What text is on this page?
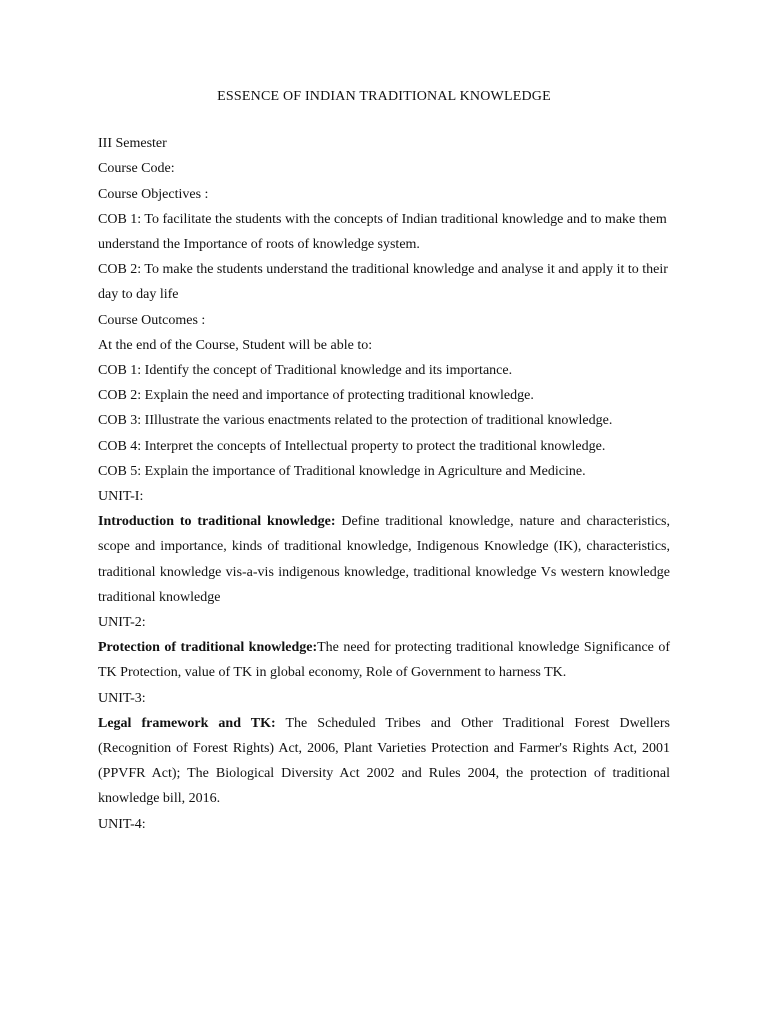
ESSENCE OF INDIAN TRADITIONAL KNOWLEDGE

III Semester

Course Code:

Course Objectives :

COB 1: To facilitate the students with the concepts of Indian traditional knowledge and to make them understand the Importance of roots of knowledge system.

COB 2: To make the students understand the traditional knowledge and analyse it and apply it to their day to day life

Course Outcomes :

At the end of the Course, Student will be able to:

COB 1: Identify the concept of Traditional knowledge and its importance.

COB 2: Explain the need and importance of protecting traditional knowledge.

COB 3: IIllustrate the various enactments related to the protection of traditional knowledge.

COB 4: Interpret the concepts of Intellectual property to protect the traditional knowledge.

COB 5: Explain the importance of Traditional knowledge in Agriculture and Medicine.

UNIT-I:

Introduction to traditional knowledge: Define traditional knowledge, nature and characteristics, scope and importance, kinds of traditional knowledge, Indigenous Knowledge (IK), characteristics, traditional knowledge vis-a-vis indigenous knowledge, traditional knowledge Vs western knowledge traditional knowledge

UNIT-2:

Protection of traditional knowledge:The need for protecting traditional knowledge Significance of TK Protection, value of TK in global economy, Role of Government to harness TK.

UNIT-3:

Legal framework and TK: The Scheduled Tribes and Other Traditional Forest Dwellers (Recognition of Forest Rights) Act, 2006, Plant Varieties Protection and Farmer's Rights Act, 2001 (PPVFR Act); The Biological Diversity Act 2002 and Rules 2004, the protection of traditional knowledge bill, 2016.

UNIT-4:
